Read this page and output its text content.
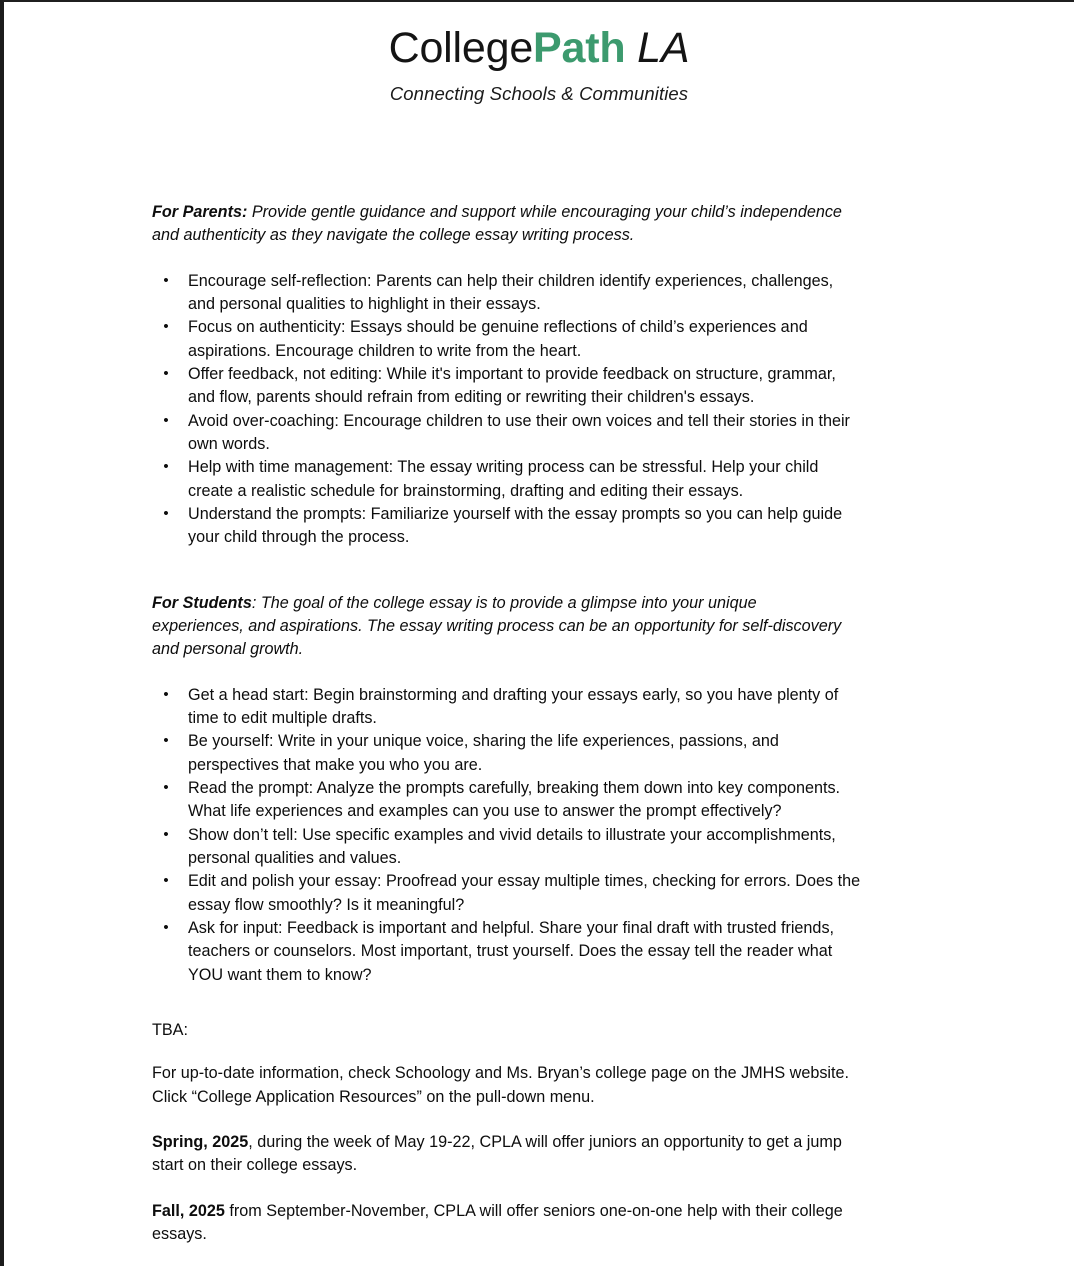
CollegePath LA
Connecting Schools & Communities

For Parents: Provide gentle guidance and support while encouraging your child’s independence and authenticity as they navigate the college essay writing process.

• Encourage self-reflection: Parents can help their children identify experiences, challenges, and personal qualities to highlight in their essays.
• Focus on authenticity: Essays should be genuine reflections of child’s experiences and aspirations. Encourage children to write from the heart.
• Offer feedback, not editing: While it's important to provide feedback on structure, grammar, and flow, parents should refrain from editing or rewriting their children's essays.
• Avoid over-coaching: Encourage children to use their own voices and tell their stories in their own words.
• Help with time management: The essay writing process can be stressful. Help your child create a realistic schedule for brainstorming, drafting and editing their essays.
• Understand the prompts: Familiarize yourself with the essay prompts so you can help guide your child through the process.

For Students: The goal of the college essay is to provide a glimpse into your unique experiences, and aspirations. The essay writing process can be an opportunity for self-discovery and personal growth.

• Get a head start: Begin brainstorming and drafting your essays early, so you have plenty of time to edit multiple drafts.
• Be yourself: Write in your unique voice, sharing the life experiences, passions, and perspectives that make you who you are.
• Read the prompt: Analyze the prompts carefully, breaking them down into key components. What life experiences and examples can you use to answer the prompt effectively?
• Show don’t tell: Use specific examples and vivid details to illustrate your accomplishments, personal qualities and values.
• Edit and polish your essay: Proofread your essay multiple times, checking for errors. Does the essay flow smoothly? Is it meaningful?
• Ask for input: Feedback is important and helpful. Share your final draft with trusted friends, teachers or counselors. Most important, trust yourself. Does the essay tell the reader what YOU want them to know?

TBA:

For up-to-date information, check Schoology and Ms. Bryan’s college page on the JMHS website. Click “College Application Resources” on the pull-down menu.

Spring, 2025, during the week of May 19-22, CPLA will offer juniors an opportunity to get a jump start on their college essays.

Fall, 2025 from September-November, CPLA will offer seniors one-on-one help with their college essays.
